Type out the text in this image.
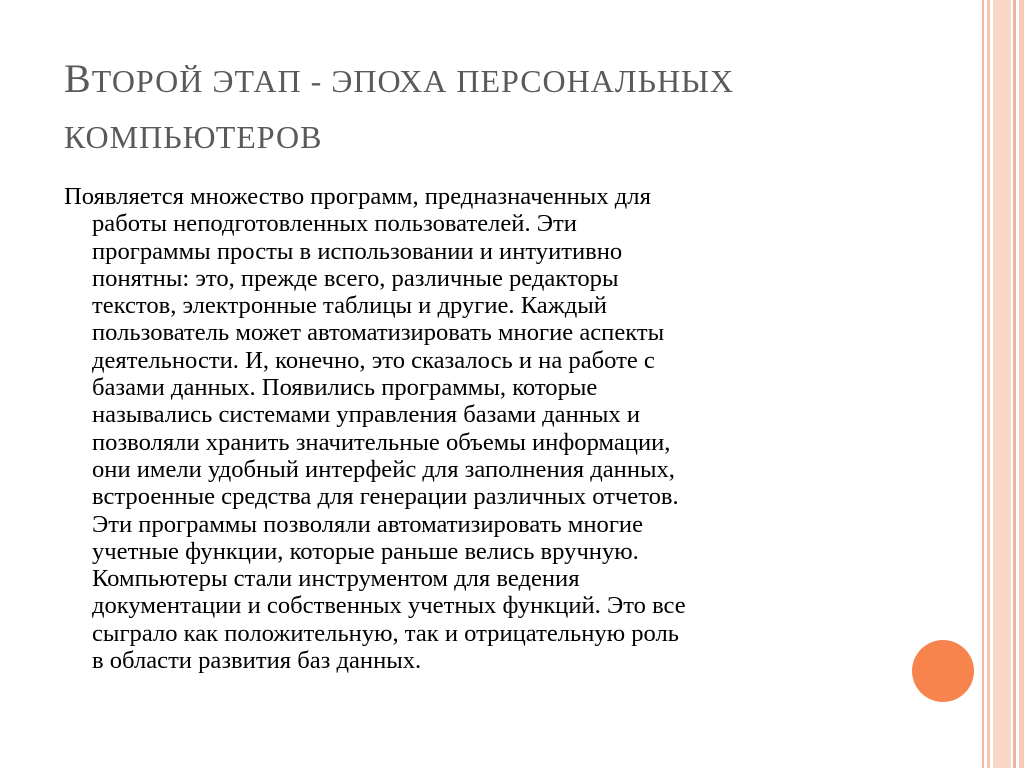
ВТОРОЙ ЭТАП - ЭПОХА ПЕРСОНАЛЬНЫХ КОМПЬЮТЕРОВ

Появляется множество программ, предназначенных для
работы неподготовленных пользователей. Эти
программы просты в использовании и интуитивно
понятны: это, прежде всего, различные редакторы
текстов, электронные таблицы и другие. Каждый
пользователь может автоматизировать многие аспекты
деятельности. И, конечно, это сказалось и на работе с
базами данных. Появились программы, которые
назывались системами управления базами данных и
позволяли хранить значительные объемы информации,
они имели удобный интерфейс для заполнения данных,
встроенные средства для генерации различных отчетов.
Эти программы позволяли автоматизировать многие
учетные функции, которые раньше велись вручную.
Компьютеры стали инструментом для ведения
документации и собственных учетных функций. Это все
сыграло как положительную, так и отрицательную роль
в области развития баз данных.
